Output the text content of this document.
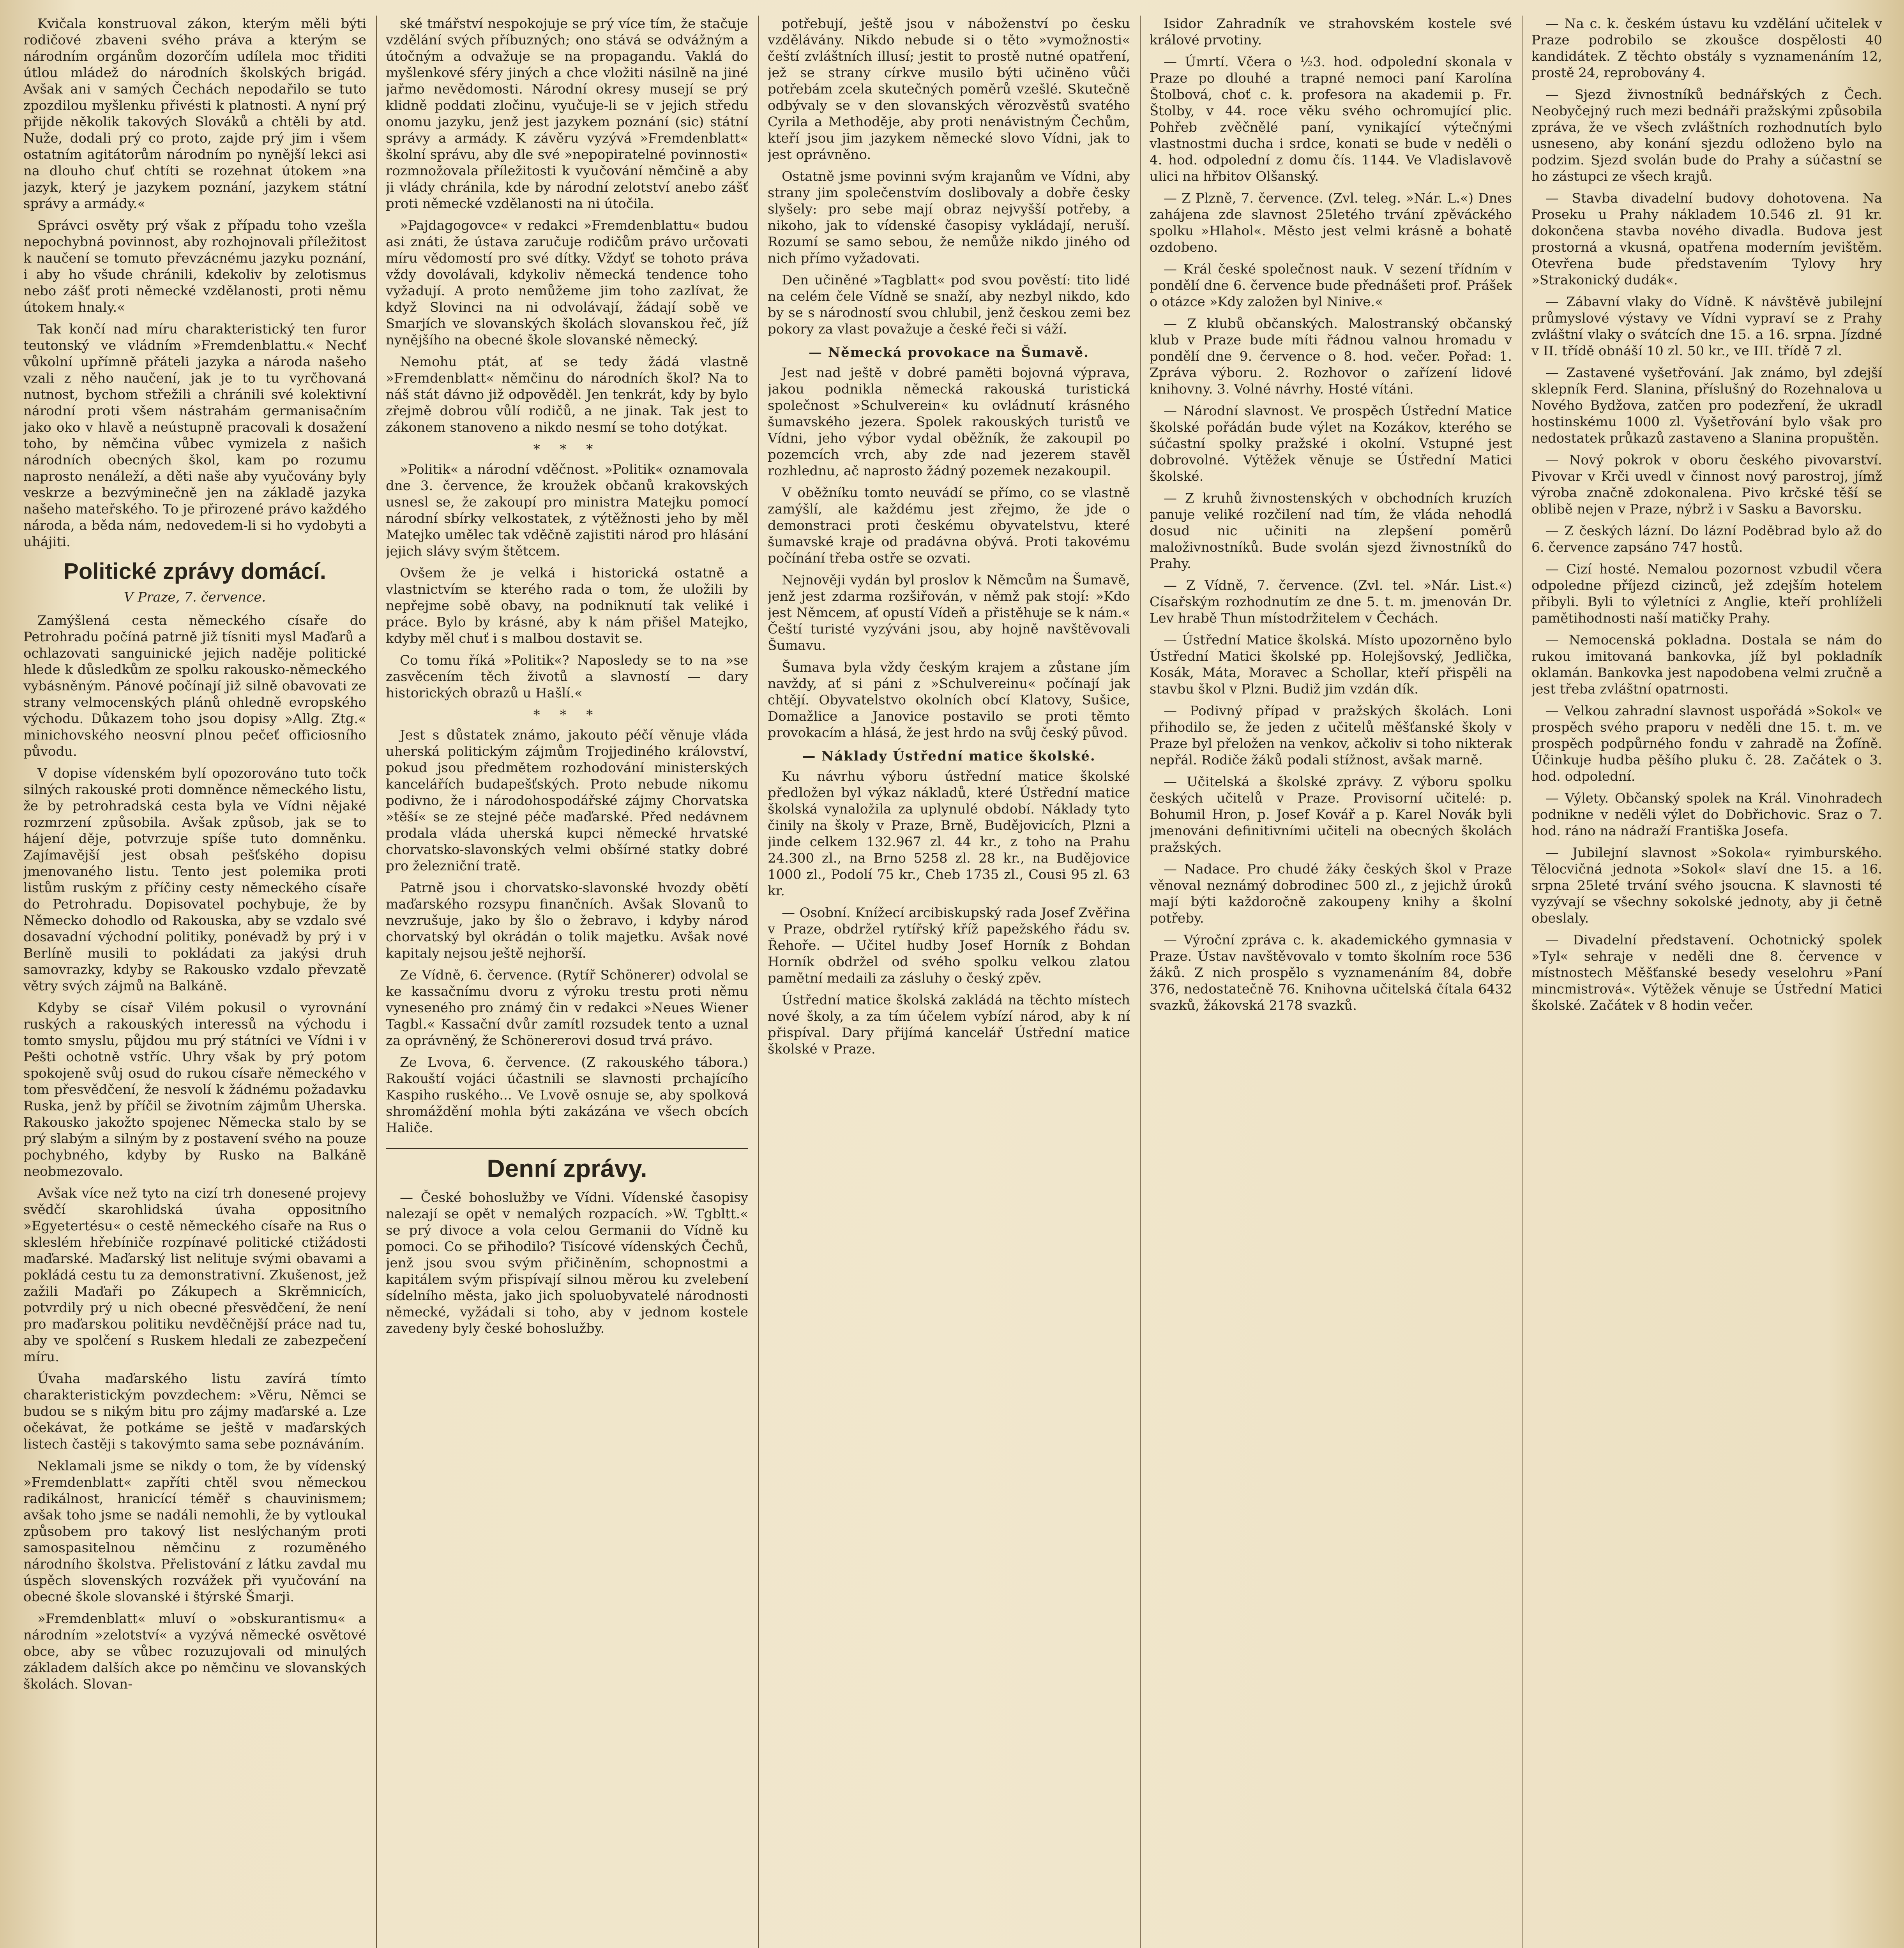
Kvičala konstruoval zákon, kterým měli býti rodičové zbaveni svého práva a kterým se národním orgánům dozorčím udílela moc třiditi útlou mládež do národních školských brigád. Avšak ani v samých Čechách nepodařilo se tuto zpozdilou myšlenku přivésti k platnosti. A nyní prý přijde několik takových Slováků a chtěli by atd. Nuže, dodali prý co proto, zajde prý jim i všem ostatním agitátorům národním po nynější lekci asi na dlouho chuť chtíti se rozehnat útokem »na jazyk, který je jazykem poznání, jazykem státní správy a armády.«

Správci osvěty prý však z případu toho vzešla nepochybná povinnost, aby rozhojnovali příležitost k naučení se tomuto převzácnému jazyku poznání, i aby ho všude chránili, kdekoliv by zelotismus nebo zášť proti německé vzdělanosti, proti němu útokem hnaly.«

Tak končí nad míru charakteristický ten furor teutonský ve vládním »Fremdenblattu.« Nechť vůkolní upřímně přáteli jazyka a národa našeho vzali z něho naučení, jak je to tu vyrčhovaná nutnost, bychom střežili a chránili své kolektivní národní proti všem nástrahám germanisačním jako oko v hlavě a neústupně pracovali k dosažení toho, by němčina vůbec vymizela z našich národních obecných škol, kam po rozumu naprosto nenáleží, a děti naše aby vyučovány byly veskrze a bezvýminečně jen na základě jazyka našeho mateřského. To je přirozené právo každého národa, a běda nám, nedovedem-li si ho vydobyti a uhájiti.

Politické zprávy domácí.
V Praze, 7. července.

Zamýšlená cesta německého císaře do Petrohradu počíná patrně již tísniti mysl Maďarů a ochlazovati sanguinické jejich naděje politické hlede k důsledkům ze spolku rakousko-německého vybásněným. Pánové počínají již silně obavovati ze strany velmocenských plánů ohledně evropského východu. Důkazem toho jsou dopisy »Allg. Ztg.« minichovského neosvní plnou pečeť officiosního původu.

V dopise vídenském bylí opozorováno tuto točk silných rakouské proti domněnce německého listu, že by petrohradská cesta byla ve Vídni nějaké rozmrzení způsobila. Avšak způsob, jak se to hájení děje, potvrzuje spíše tuto domněnku. Zajímavější jest obsah pešťského dopisu jmenovaného listu. Tento jest polemika proti listům ruským z příčiny cesty německého císaře do Petrohradu. Dopisovatel pochybuje, že by Německo dohodlo od Rakouska, aby se vzdalo své dosavadní východní politiky, ponévadž by prý i v Berlíně musili to pokládati za jakýsi druh samovrazky, kdyby se Rakousko vzdalo převzatě větry svých zájmů na Balkáně.

Kdyby se císař Vilém pokusil o vyrovnání ruských a rakouských interessů na východu i tomto smyslu, půjdou mu prý státníci ve Vídni i v Pešti ochotně vstříc. Uhry však by prý potom spokojeně svůj osud do rukou císaře německého v tom přesvědčení, že nesvolí k žádnému požadavku Ruska, jenž by příčil se životním zájmům Uherska. Rakousko jakožto spojenec Německa stalo by se prý slabým a silným by z postavení svého na pouze pochybného, kdyby by Rusko na Balkáně neobmezovalo.

Avšak více než tyto na cizí trh donesené projevy svědčí skarohlidská úvaha oppositního »Egyetertésu« o cestě německého císaře na Rus o skleslém hřebíniče rozpínavé politické ctižádosti maďarské. Maďarský list nelituje svými obavami a pokládá cestu tu za demonstrativní. Zkušenost, jež zažili Maďaři po Zákupech a Skrěmnicích, potvrdily prý u nich obecné přesvědčení, že není pro maďarskou politiku nevděčnější práce nad tu, aby ve spolčení s Ruskem hledali ze zabezpečení míru.

Úvaha maďarského listu zavírá tímto charakteristickým povzdechem: »Věru, Němci se budou se s nikým bitu pro zájmy maďarské a. Lze očekávat, že potkáme se ještě v maďarských listech častěji s takovýmto sama sebe poznáváním.

Neklamali jsme se nikdy o tom, že by vídenský »Fremdenblatt« zapříti chtěl svou německou radikálnost, hranicící téměř s chauvinismem; avšak toho jsme se nadáli nemohli, že by vytloukal způsobem pro takový list neslýchaným proti samospasitelnou němčinu z rozuměného národního školstva. Přelistování z látku zavdal mu úspěch slovenských rozvážek při vyučování na obecné škole slovanské i štýrské Šmarji.

»Fremdenblatt« mluví o »obskurantismu« a národním »zelotství« a vyzývá německé osvětové obce, aby se vůbec rozuzujovali od minulých základem dalších akce po němčinu ve slovanských školách. Slovan-

ské tmářství nespokojuje se prý více tím, že stačuje vzdělání svých příbuzných; ono stává se odvážným a útočným a odvažuje se na propagandu. Vaklá do myšlenkové sféry jiných a chce vložiti násilně na jiné jařmo nevědomosti. Národní okresy musejí se prý klidně poddati zločinu, vyučuje-li se v jejich středu onomu jazyku, jenž jest jazykem poznání (sic) státní správy a armády. K závěru vyzývá »Fremdenblatt« školní správu, aby dle své »nepopiratelné povinnosti« rozmnožovala příležitosti k vyučování němčině a aby ji vlády chránila, kde by národní zelotství anebo zášť proti německé vzdělanosti na ni útočila.

»Pajdagogovce« v redakci »Fremdenblattu« budou asi znáti, že ústava zaručuje rodičům právo určovati míru vědomostí pro své dítky. Vždyť se tohoto práva vždy dovolávali, kdykoliv německá tendence toho vyžadují. A proto nemůžeme jim toho zazlívat, že když Slovinci na ni odvolávají, žádají sobě ve Smarjích ve slovanských školách slovanskou řeč, jíž nynějšího na obecné škole slovanské německý.

Nemohu ptát, ať se tedy žádá vlastně »Fremdenblatt« němčinu do národních škol? Na to náš stát dávno již odpověděl. Jen tenkrát, kdy by bylo zřejmě dobrou vůlí rodičů, a ne jinak. Tak jest to zákonem stanoveno a nikdo nesmí se toho dotýkat.

* * *

»Politik« a národní vděčnost. »Politik« oznamovala dne 3. července, že kroužek občanů krakovských usnesl se, že zakoupí pro ministra Matejku pomocí národní sbírky velkostatek, z výtěžnosti jeho by měl Matejko umělec tak vděčně zajistiti národ pro hlásání jejich slávy svým štětcem.

Ovšem že je velká i historická ostatně a vlastnictvím se kterého rada o tom, že uložili by nepřejme sobě obavy, na podniknutí tak veliké i práce. Bylo by krásné, aby k nám přišel Matejko, kdyby měl chuť i s malbou dostavit se.

Co tomu říká »Politik«? Naposledy se to na »se zasvěcením těch životů a slavností — dary historických obrazů u Hašlí.«

* * *

Jest s důstatek známo, jakouto péčí věnuje vláda uherská politickým zájmům Trojjediného království, pokud jsou předmětem rozhodování ministerských kancelářích budapešťských. Proto nebude nikomu podivno, že i národohospodářské zájmy Chorvatska »těší« se ze stejné péče maďarské. Před nedávnem prodala vláda uherská kupci německé hrvatské chorvatsko-slavonských velmi obšírné statky dobré pro železniční tratě.

Patrně jsou i chorvatsko-slavonské hvozdy obětí maďarského rozsypu finančních. Avšak Slovanů to nevzrušuje, jako by šlo o žebravo, i kdyby národ chorvatský byl okrádán o tolik majetku. Avšak nové kapitaly nejsou ještě nejhorší.

Ze Vídně, 6. července. (Rytíř Schönerer) odvolal se ke kassačnímu dvoru z výroku trestu proti němu vyneseného pro známý čin v redakci »Neues Wiener Tagbl.« Kassační dvůr zamítl rozsudek tento a uznal za oprávněný, že Schönererovi dosud trvá právo.

Ze Lvova, 6. července. (Z rakouského tábora.) Rakouští vojáci účastnili se slavnosti prchajícího Kaspiho ruského... Ve Lvově osnuje se, aby spolková shromáždění mohla býti zakázána ve všech obcích Haliče.

Denní zprávy.

— České bohoslužby ve Vídni. Vídenské časopisy nalezají se opět v nemalých rozpacích. »W. Tgbltt.« se prý divoce a vola celou Germanii do Vídně ku pomoci. Co se přihodilo? Tisícové vídenských Čechů, jenž jsou svou svým přičiněním, schopnostmi a kapitálem svým přispívají silnou měrou ku zvelebení sídelního města, jako jich spoluobyvatelé národnosti německé, vyžádali si toho, aby v jednom kostele zavedeny byly české bohoslužby.

potřebují, ještě jsou v náboženství po česku vzdělávány. Nikdo nebude si o těto »vymožnosti« čeští zvláštních illusí; jestit to prostě nutné opatření, jež se strany církve musilo býti učiněno vůči potřebám zcela skutečných poměrů vzešlé. Skutečně odbývaly se v den slovanských věrozvěstů svatého Cyrila a Methoděje, aby proti nenávistným Čechům, kteří jsou jim jazykem německé slovo Vídni, jak to jest oprávněno.

Ostatně jsme povinni svým krajanům ve Vídni, aby strany jim společenstvím doslibovaly a dobře česky slyšely: pro sebe mají obraz nejvyšší potřeby, a nikoho, jak to vídenské časopisy vykládají, neruší. Rozumí se samo sebou, že nemůže nikdo jiného od nich přímo vyžadovati.

Den učiněné »Tagblatt« pod svou pověstí: tito lidé na celém čele Vídně se snaží, aby nezbyl nikdo, kdo by se s národností svou chlubil, jenž českou zemi bez pokory za vlast považuje a české řeči si váží.

— Německá provokace na Šumavě.

Jest nad ještě v dobré paměti bojovná výprava, jakou podnikla německá rakouská turistická společnost »Schulverein« ku ovládnutí krásného šumavského jezera. Spolek rakouských turistů ve Vídni, jeho výbor vydal oběžník, že zakoupil po pozemcích vrch, aby zde nad jezerem stavěl rozhlednu, ač naprosto žádný pozemek nezakoupil.

V oběžníku tomto neuvádí se přímo, co se vlastně zamýšlí, ale každému jest zřejmo, že jde o demonstraci proti českému obyvatelstvu, které šumavské kraje od pradávna obývá. Proti takovému počínání třeba ostře se ozvati.

Nejnověji vydán byl proslov k Němcům na Šumavě, jenž jest zdarma rozšiřován, v němž pak stojí: »Kdo jest Němcem, ať opustí Vídeň a přistěhuje se k nám.« Čeští turisté vyzýváni jsou, aby hojně navštěvovali Šumavu.

Šumava byla vždy českým krajem a zůstane jím navždy, ať si páni z »Schulvereinu« počínají jak chtějí. Obyvatelstvo okolních obcí Klatovy, Sušice, Domažlice a Janovice postavilo se proti těmto provokacím a hlásá, že jest hrdo na svůj český původ.

— Náklady Ústřední matice školské.

Ku návrhu výboru ústřední matice školské předložen byl výkaz nákladů, které Ústřední matice školská vynaložila za uplynulé období. Náklady tyto činily na školy v Praze, Brně, Budějovicích, Plzni a jinde celkem 132.967 zl. 44 kr., z toho na Prahu 24.300 zl., na Brno 5258 zl. 28 kr., na Budějovice 1000 zl., Podolí 75 kr., Cheb 1735 zl., Cousi 95 zl. 63 kr.

— Osobní. Knížecí arcibiskupský rada Josef Zvěřina v Praze, obdržel rytířský kříž papežského řádu sv. Řehoře. — Učitel hudby Josef Horník z Bohdan Horník obdržel od svého spolku velkou zlatou pamětní medaili za zásluhy o český zpěv.

Ústřední matice školská zakládá na těchto místech nové školy, a za tím účelem vybízí národ, aby k ní přispíval. Dary přijímá kancelář Ústřední matice školské v Praze.

Isidor Zahradník ve strahovském kostele své králové prvotiny.

— Úmrtí. Včera o ½3. hod. odpolední skonala v Praze po dlouhé a trapné nemoci paní Karolína Štolbová, choť c. k. profesora na akademii p. Fr. Štolby, v 44. roce věku svého ochromující plic. Pohřeb zvěčnělé paní, vynikající výtečnými vlastnostmi ducha i srdce, konati se bude v neděli o 4. hod. odpolední z domu čís. 1144. Ve Vladislavově ulici na hřbitov Olšanský.

— Z Plzně, 7. července. (Zvl. teleg. »Nár. L.«) Dnes zahájena zde slavnost 25letého trvání zpěváckého spolku »Hlahol«. Město jest velmi krásně a bohatě ozdobeno.

— Král české společnost nauk. V sezení třídním v pondělí dne 6. července bude přednášeti prof. Prášek o otázce »Kdy založen byl Ninive.«

— Z klubů občanských. Malostranský občanský klub v Praze bude míti řádnou valnou hromadu v pondělí dne 9. července o 8. hod. večer. Pořad: 1. Zpráva výboru. 2. Rozhovor o zařízení lidové knihovny. 3. Volné návrhy. Hosté vítáni.

— Národní slavnost. Ve prospěch Ústřední Matice školské pořádán bude výlet na Kozákov, kterého se súčastní spolky pražské i okolní. Vstupné jest dobrovolné. Výtěžek věnuje se Ústřední Matici školské.

— Z kruhů živnostenských v obchodních kruzích panuje veliké rozčilení nad tím, že vláda nehodlá dosud nic učiniti na zlepšení poměrů maloživnostníků. Bude svolán sjezd živnostníků do Prahy.

— Z Vídně, 7. července. (Zvl. tel. »Nár. List.«) Císařským rozhodnutím ze dne 5. t. m. jmenován Dr. Lev hrabě Thun místodržitelem v Čechách.

— Ústřední Matice školská. Místo upozorněno bylo Ústřední Matici školské pp. Holejšovský, Jedlička, Kosák, Máta, Moravec a Schollar, kteří přispěli na stavbu škol v Plzni. Budiž jim vzdán dík.

— Podivný případ v pražských školách. Loni přihodilo se, že jeden z učitelů měšťanské školy v Praze byl přeložen na venkov, ačkoliv si toho nikterak nepřál. Rodiče žáků podali stížnost, avšak marně.

— Učitelská a školské zprávy. Z výboru spolku českých učitelů v Praze. Provisorní učitelé: p. Bohumil Hron, p. Josef Kovář a p. Karel Novák byli jmenováni definitivními učiteli na obecných školách pražských.

— Nadace. Pro chudé žáky českých škol v Praze věnoval neznámý dobrodinec 500 zl., z jejichž úroků mají býti každoročně zakoupeny knihy a školní potřeby.

— Výroční zpráva c. k. akademického gymnasia v Praze. Ústav navštěvovalo v tomto školním roce 536 žáků. Z nich prospělo s vyznamenáním 84, dobře 376, nedostatečně 76. Knihovna učitelská čítala 6432 svazků, žákovská 2178 svazků.

— Na c. k. českém ústavu ku vzdělání učitelek v Praze podrobilo se zkoušce dospělosti 40 kandidátek. Z těchto obstály s vyznamenáním 12, prostě 24, reprobovány 4.

— Sjezd živnostníků bednářských z Čech. Neobyčejný ruch mezi bednáři pražskými způsobila zpráva, že ve všech zvláštních rozhodnutích bylo usneseno, aby konání sjezdu odloženo bylo na podzim. Sjezd svolán bude do Prahy a súčastní se ho zástupci ze všech krajů.

— Stavba divadelní budovy dohotovena. Na Proseku u Prahy nákladem 10.546 zl. 91 kr. dokončena stavba nového divadla. Budova jest prostorná a vkusná, opatřena moderním jevištěm. Otevřena bude představením Tylovy hry »Strakonický dudák«.

— Zábavní vlaky do Vídně. K návštěvě jubilejní průmyslové výstavy ve Vídni vypraví se z Prahy zvláštní vlaky o svátcích dne 15. a 16. srpna. Jízdné v II. třídě obnáší 10 zl. 50 kr., ve III. třídě 7 zl.

— Zastavené vyšetřování. Jak známo, byl zdejší sklepník Ferd. Slanina, příslušný do Rozehnalova u Nového Bydžova, zatčen pro podezření, že ukradl hostinskému 1000 zl. Vyšetřování bylo však pro nedostatek průkazů zastaveno a Slanina propuštěn.

— Nový pokrok v oboru českého pivovarství. Pivovar v Krči uvedl v činnost nový parostroj, jímž výroba značně zdokonalena. Pivo krčské těší se oblibě nejen v Praze, nýbrž i v Sasku a Bavorsku.

— Z českých lázní. Do lázní Poděbrad bylo až do 6. července zapsáno 747 hostů.

— Cizí hosté. Nemalou pozornost vzbudil včera odpoledne příjezd cizinců, jež zdejším hotelem přibyli. Byli to výletníci z Anglie, kteří prohlíželi pamětihodnosti naší matičky Prahy.

— Nemocenská pokladna. Dostala se nám do rukou imitovaná bankovka, jíž byl pokladník oklamán. Bankovka jest napodobena velmi zručně a jest třeba zvláštní opatrnosti.

— Velkou zahradní slavnost uspořádá »Sokol« ve prospěch svého praporu v neděli dne 15. t. m. ve prospěch podpůrného fondu v zahradě na Žofíně. Účinkuje hudba pěšího pluku č. 28. Začátek o 3. hod. odpolední.

— Výlety. Občanský spolek na Král. Vinohradech podnikne v neděli výlet do Dobřichovic. Sraz o 7. hod. ráno na nádraží Františka Josefa.

— Jubilejní slavnost »Sokola« ryimburského. Tělocvičná jednota »Sokol« slaví dne 15. a 16. srpna 25leté trvání svého jsoucna. K slavnosti té vyzývají se všechny sokolské jednoty, aby ji četně obeslaly.

— Divadelní představení. Ochotnický spolek »Tyl« sehraje v neděli dne 8. července v místnostech Měšťanské besedy veselohru »Paní mincmistrová«. Výtěžek věnuje se Ústřední Matici školské. Začátek v 8 hodin večer.
